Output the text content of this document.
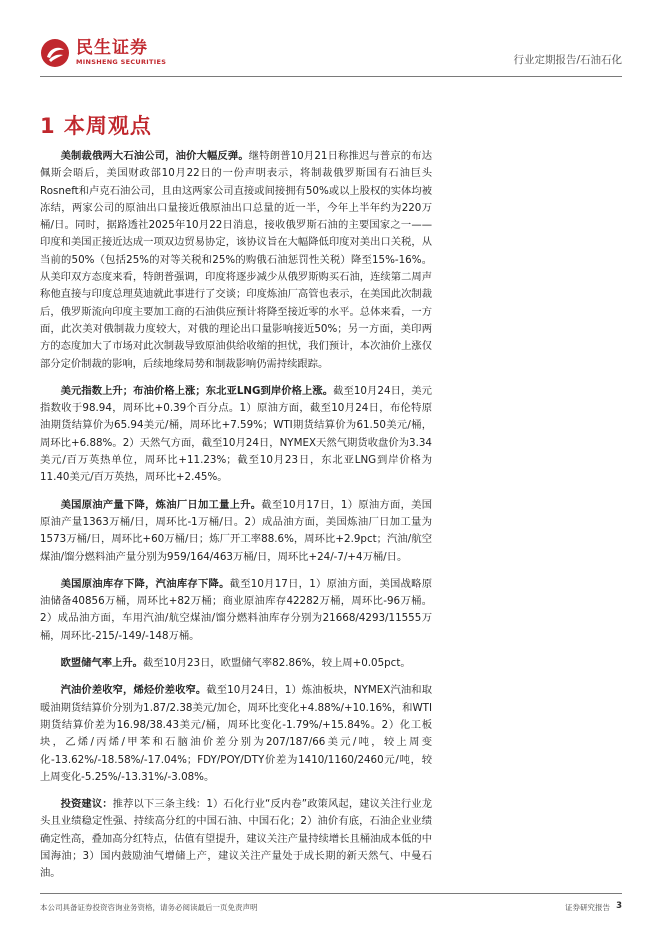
民生证券
MINSHENG SECURITIES	行业定期报告/石油石化
1 本周观点

美制裁俄两大石油公司，油价大幅反弹。继特朗普10月21日称推迟与普京的布达佩斯会晤后，美国财政部10月22日的一份声明表示，将制裁俄罗斯国有石油巨头Rosneft和卢克石油公司，且由这两家公司直接或间接拥有50%或以上股权的实体均被冻结，两家公司的原油出口量接近俄原油出口总量的近一半，今年上半年约为220万桶/日。同时，据路透社2025年10月22日消息，接收俄罗斯石油的主要国家之一——印度和美国正接近达成一项双边贸易协定，该协议旨在大幅降低印度对美出口关税，从当前的50%（包括25%的对等关税和25%的购俄石油惩罚性关税）降至15%-16%。从美印双方态度来看，特朗普强调，印度将逐步减少从俄罗斯购买石油，连续第二周声称他直接与印度总理莫迪就此事进行了交谈；印度炼油厂高管也表示，在美国此次制裁后，俄罗斯流向印度主要加工商的石油供应预计将降至接近零的水平。总体来看，一方面，此次美对俄制裁力度较大，对俄的理论出口量影响接近50%；另一方面，美印两方的态度加大了市场对此次制裁导致原油供给收缩的担忧，我们预计，本次油价上涨仅部分定价制裁的影响，后续地缘局势和制裁影响仍需持续跟踪。

美元指数上升；布油价格上涨；东北亚LNG到岸价格上涨。截至10月24日，美元指数收于98.94，周环比+0.39个百分点。1）原油方面，截至10月24日，布伦特原油期货结算价为65.94美元/桶，周环比+7.59%；WTI期货结算价为61.50美元/桶，周环比+6.88%。2）天然气方面，截至10月24日，NYMEX天然气期货收盘价为3.34美元/百万英热单位，周环比+11.23%；截至10月23日，东北亚LNG到岸价格为11.40美元/百万英热，周环比+2.45%。

美国原油产量下降，炼油厂日加工量上升。截至10月17日，1）原油方面，美国原油产量1363万桶/日，周环比-1万桶/日。2）成品油方面，美国炼油厂日加工量为1573万桶/日，周环比+60万桶/日；炼厂开工率88.6%，周环比+2.9pct；汽油/航空煤油/馏分燃料油产量分别为959/164/463万桶/日，周环比+24/-7/+4万桶/日。

美国原油库存下降，汽油库存下降。截至10月17日，1）原油方面，美国战略原油储备40856万桶，周环比+82万桶；商业原油库存42282万桶，周环比-96万桶。2）成品油方面，车用汽油/航空煤油/馏分燃料油库存分别为21668/4293/11555万桶，周环比-215/-149/-148万桶。

欧盟储气率上升。截至10月23日，欧盟储气率82.86%，较上周+0.05pct。

汽油价差收窄，烯烃价差收窄。截至10月24日，1）炼油板块，NYMEX汽油和取暖油期货结算价分别为1.87/2.38美元/加仑，周环比变化+4.88%/+10.16%，和WTI期货结算价差为16.98/38.43美元/桶，周环比变化-1.79%/+15.84%。2）化工板块，乙烯/丙烯/甲苯和石脑油价差分别为207/187/66美元/吨，较上周变化-13.62%/-18.58%/-17.04%；FDY/POY/DTY价差为1410/1160/2460元/吨，较上周变化-5.25%/-13.31%/-3.08%。

投资建议：推荐以下三条主线：1）石化行业“反内卷”政策风起，建议关注行业龙头且业绩稳定性强、持续高分红的中国石油、中国石化；2）油价有底，石油企业业绩确定性高，叠加高分红特点，估值有望提升，建议关注产量持续增长且桶油成本低的中国海油；3）国内鼓励油气增储上产，建议关注产量处于成长期的新天然气、中曼石油。

本公司具备证券投资咨询业务资格，请务必阅读最后一页免责声明	证券研究报告 3
